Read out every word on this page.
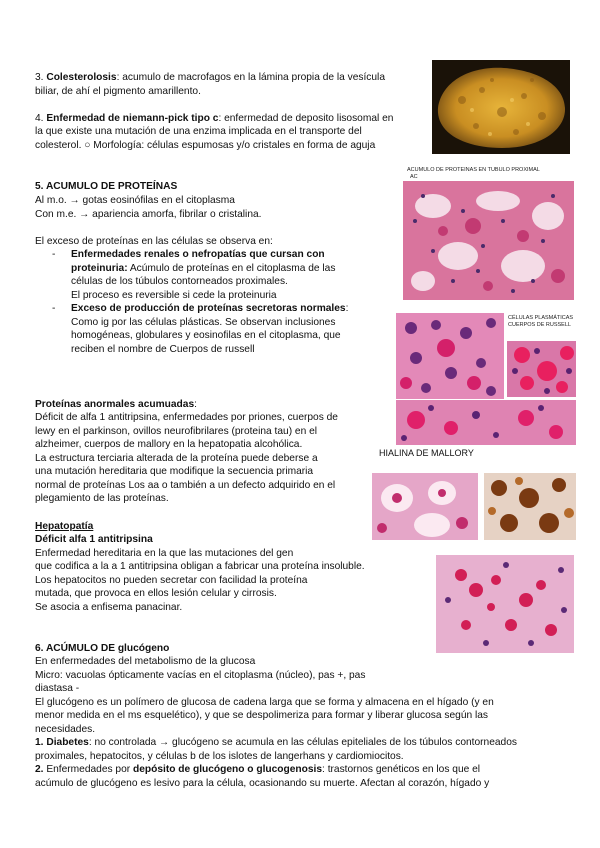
3. Colesterolosis: acumulo de macrofagos en la lámina propia de la vesícula
biliar, de ahí el pigmento amarillento.
4. Enfermedad de niemann-pick tipo c: enfermedad de deposito lisosomal en
la que existe una mutación de una enzima implicada en el transporte del
colesterol. ○ Morfología: células espumosas y/o cristales en forma de aguja
5. ACUMULO DE PROTEÍNAS
Al m.o. → gotas eosinófilas en el citoplasma
Con m.e. → apariencia amorfa, fibrilar o cristalina.
El exceso de proteínas en las células se observa en:
- Enfermedades renales o nefropatías que cursan con
proteinuria: Acúmulo de proteínas en el citoplasma de las
células de los túbulos contorneados proximales.
El proceso es reversible si cede la proteinuria
- Exceso de producción de proteínas secretoras normales:
Como ig por las células plásticas. Se observan inclusiones
homogéneas, globulares y eosinofilas en el citoplasma, que
reciben el nombre de Cuerpos de russell
ACUMULO DE PROTEINAS EN TUBULO PROXIMAL
AC
CÉLULAS PLASMÁTICAS
CUERPOS DE RUSSELL
Proteínas anormales acumuadas:
Déficit de alfa 1 antitripsina, enfermedades por priones, cuerpos de
lewy en el parkinson, ovillos neurofibrilares (proteina tau) en el
alzheimer, cuerpos de mallory en la hepatopatia alcohólica.
La estructura terciaria alterada de la proteína puede deberse a
una mutación hereditaria que modifique la secuencia primaria
normal de proteínas Los aa o también a un defecto adquirido en el
plegamiento de las proteínas.
HIALINA DE MALLORY
Hepatopatía
Déficit alfa 1 antitripsina
Enfermedad hereditaria en la que las mutaciones del gen
que codifica a la a 1 antitripsina obligan a fabricar una proteína insoluble.
Los hepatocitos no pueden secretar con facilidad la proteína
mutada, que provoca en ellos lesión celular y cirrosis.
Se asocia a enfisema panacinar.
6. ACÚMULO DE glucógeno
En enfermedades del metabolismo de la glucosa
Micro: vacuolas ópticamente vacías en el citoplasma (núcleo), pas +, pas
diastasa -
El glucógeno es un polímero de glucosa de cadena larga que se forma y almacena en el hígado (y en
menor medida en el ms esquelético), y que se despolimeriza para formar y liberar glucosa según las
necesidades.
1. Diabetes: no controlada → glucógeno se acumula en las células epiteliales de los túbulos contorneados
proximales, hepatocitos, y células b de los islotes de langerhans y cardiomiocitos.
2. Enfermedades por depósito de glucógeno o glucogenosis: trastornos genéticos en los que el
acúmulo de glucógeno es lesivo para la célula, ocasionando su muerte. Afectan al corazón, hígado y
